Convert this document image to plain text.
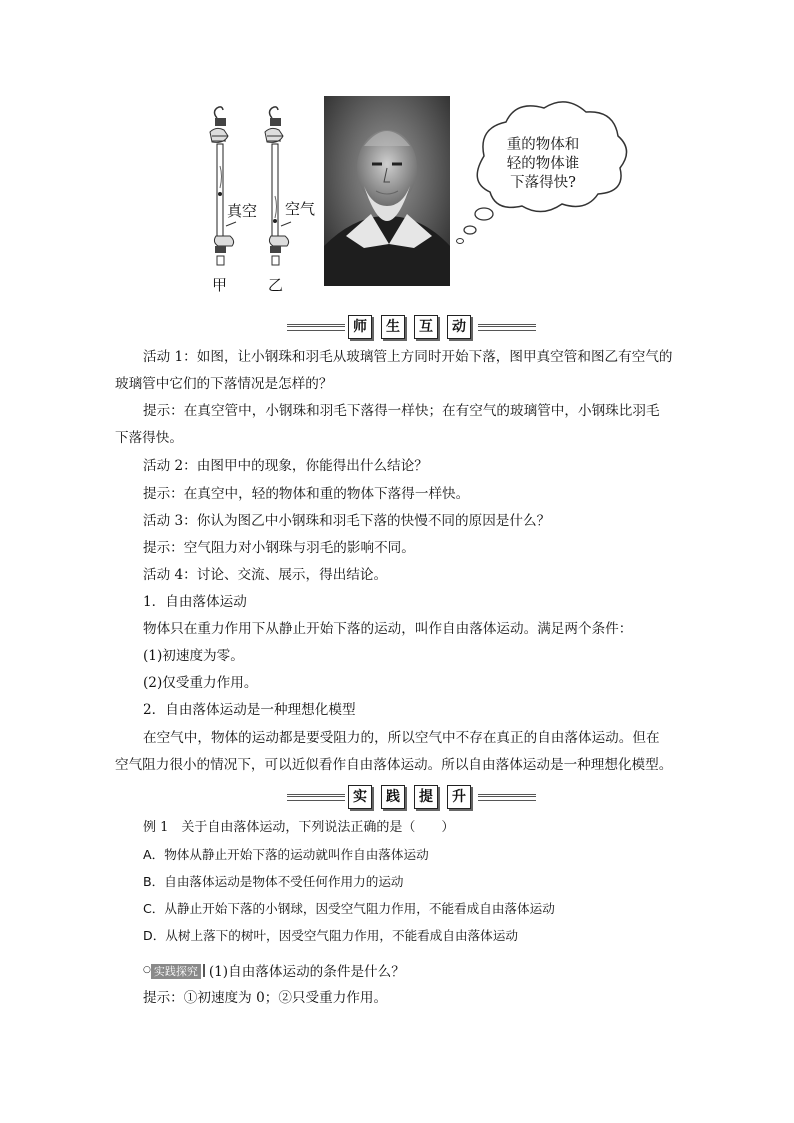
真空
甲
空气
乙
重的物体和
轻的物体谁
下落得快?
师	生	互	动
活动 1：如图，让小钢珠和羽毛从玻璃管上方同时开始下落，图甲真空管和图乙有空气的
玻璃管中它们的下落情况是怎样的？
提示：在真空管中，小钢珠和羽毛下落得一样快；在有空气的玻璃管中，小钢珠比羽毛
下落得快。
活动 2：由图甲中的现象，你能得出什么结论？
提示：在真空中，轻的物体和重的物体下落得一样快。
活动 3：你认为图乙中小钢珠和羽毛下落的快慢不同的原因是什么？
提示：空气阻力对小钢珠与羽毛的影响不同。
活动 4：讨论、交流、展示，得出结论。
1．自由落体运动
物体只在重力作用下从静止开始下落的运动，叫作自由落体运动。满足两个条件：
(1)初速度为零。
(2)仅受重力作用。
2．自由落体运动是一种理想化模型
在空气中，物体的运动都是要受阻力的，所以空气中不存在真正的自由落体运动。但在
空气阻力很小的情况下，可以近似看作自由落体运动。所以自由落体运动是一种理想化模型。
实	践	提	升
例 1　关于自由落体运动，下列说法正确的是（　　）
A．物体从静止开始下落的运动就叫作自由落体运动
B．自由落体运动是物体不受任何作用力的运动
C．从静止开始下落的小钢球，因受空气阻力作用，不能看成自由落体运动
D．从树上落下的树叶，因受空气阻力作用，不能看成自由落体运动
○ 实践探究 (1)自由落体运动的条件是什么？
提示：①初速度为 0；②只受重力作用。
